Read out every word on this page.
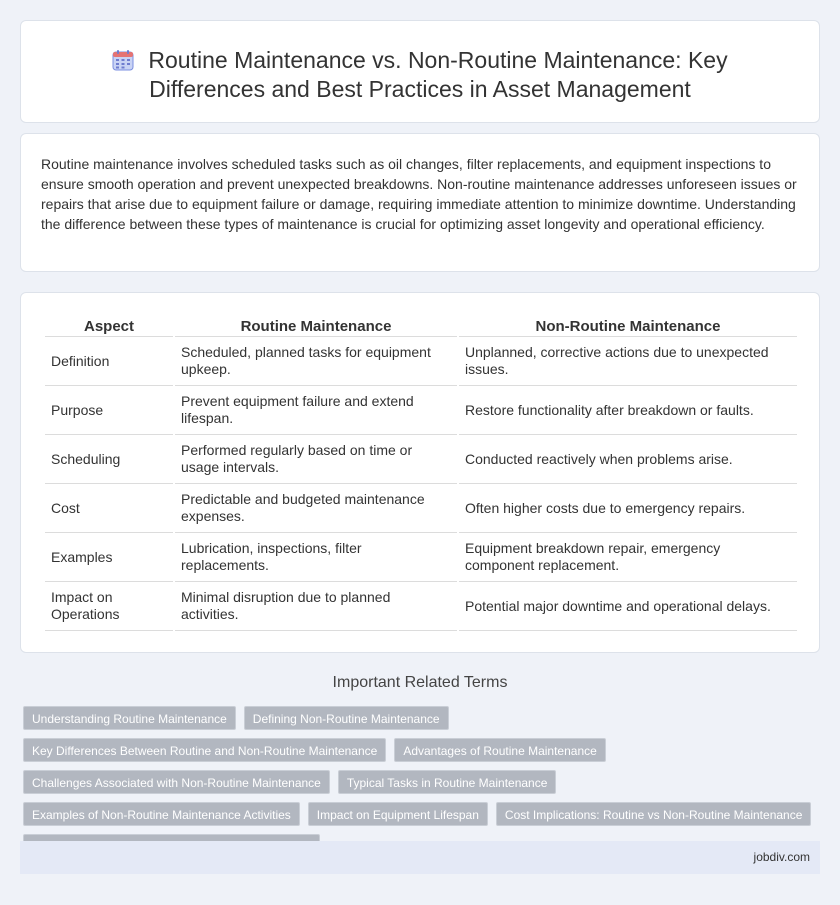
Routine Maintenance vs. Non-Routine Maintenance: Key Differences and Best Practices in Asset Management

Routine maintenance involves scheduled tasks such as oil changes, filter replacements, and equipment inspections to ensure smooth operation and prevent unexpected breakdowns. Non-routine maintenance addresses unforeseen issues or repairs that arise due to equipment failure or damage, requiring immediate attention to minimize downtime. Understanding the difference between these types of maintenance is crucial for optimizing asset longevity and operational efficiency.

Aspect	Routine Maintenance	Non-Routine Maintenance
Definition	Scheduled, planned tasks for equipment upkeep.	Unplanned, corrective actions due to unexpected issues.
Purpose	Prevent equipment failure and extend lifespan.	Restore functionality after breakdown or faults.
Scheduling	Performed regularly based on time or usage intervals.	Conducted reactively when problems arise.
Cost	Predictable and budgeted maintenance expenses.	Often higher costs due to emergency repairs.
Examples	Lubrication, inspections, filter replacements.	Equipment breakdown repair, emergency component replacement.
Impact on Operations	Minimal disruption due to planned activities.	Potential major downtime and operational delays.
Important Related Terms
Understanding Routine Maintenance	Defining Non-Routine Maintenance
Key Differences Between Routine and Non-Routine Maintenance	Advantages of Routine Maintenance
Challenges Associated with Non-Routine Maintenance	Typical Tasks in Routine Maintenance
Examples of Non-Routine Maintenance Activities	Impact on Equipment Lifespan	Cost Implications: Routine vs Non-Routine Maintenance
jobdiv.com
